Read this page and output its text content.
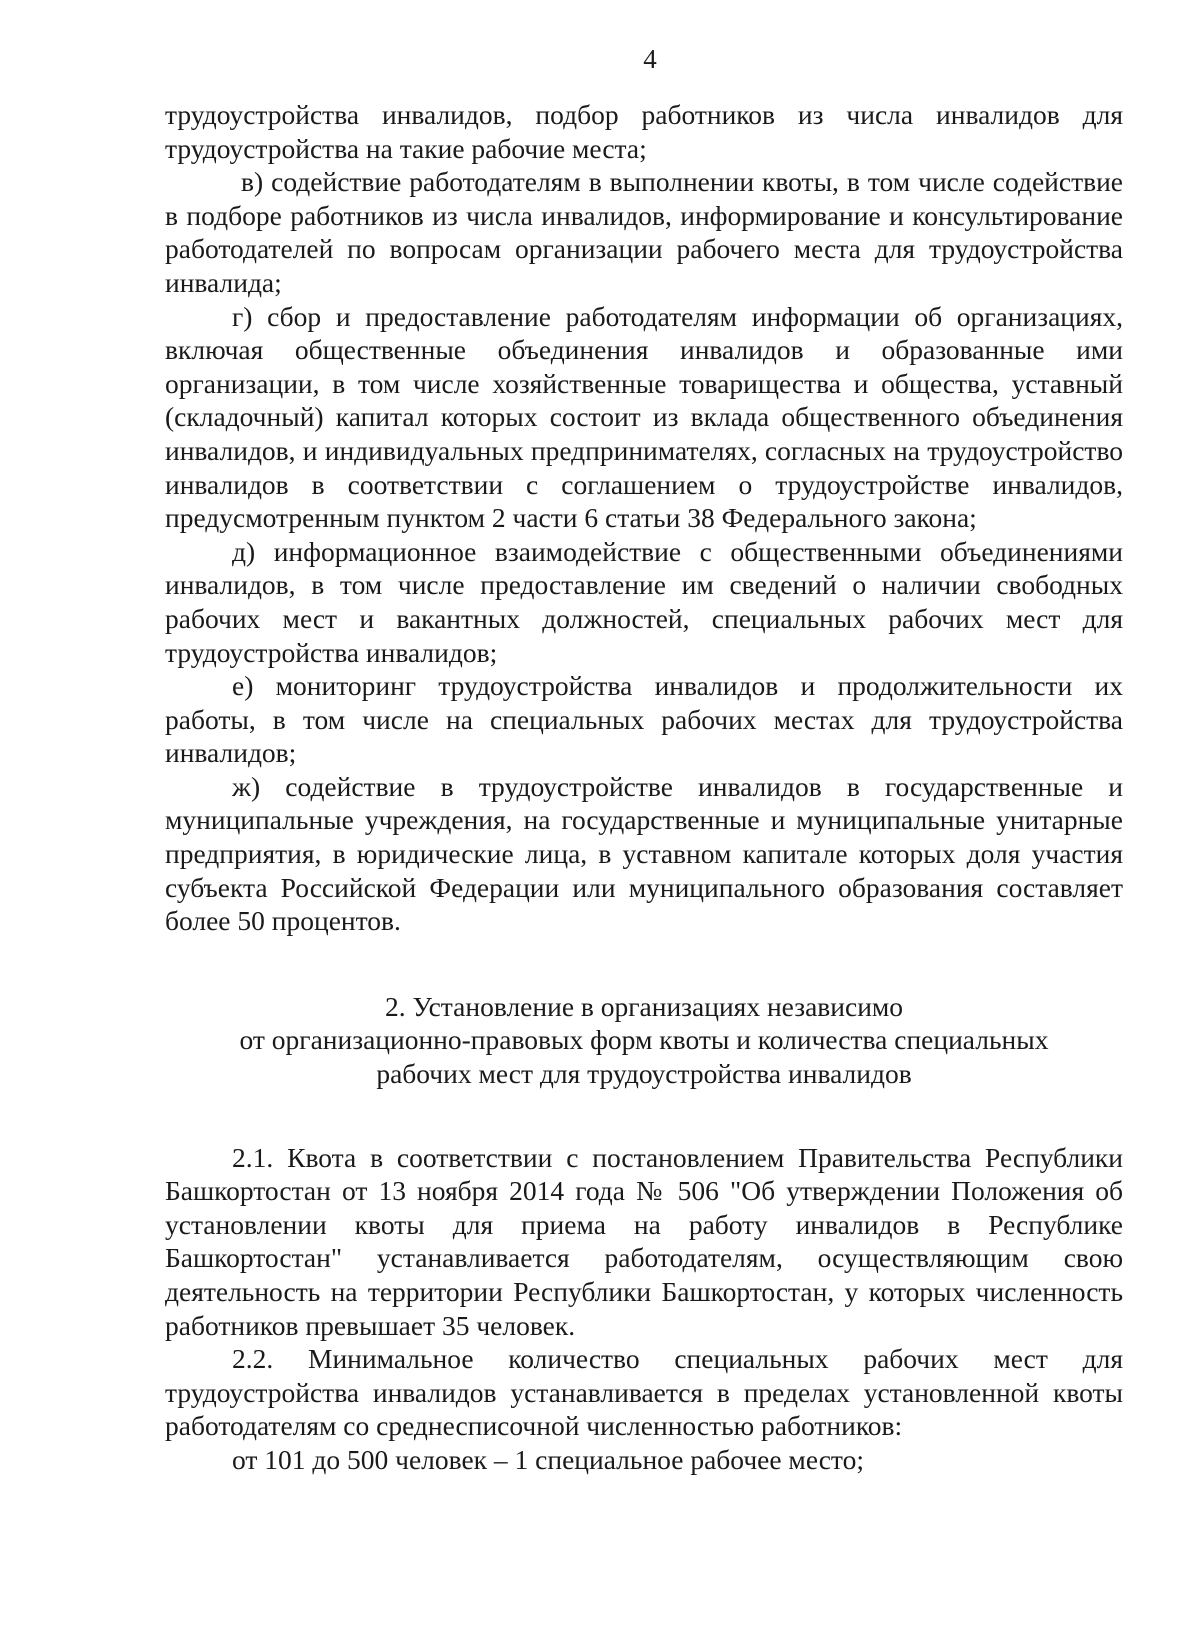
4

трудоустройства инвалидов, подбор работников из числа инвалидов для трудоустройства на такие рабочие места;

в) содействие работодателям в выполнении квоты, в том числе содействие в подборе работников из числа инвалидов, информирование и консультирование работодателей по вопросам организации рабочего места для трудоустройства инвалида;

г) сбор и предоставление работодателям информации об организациях, включая общественные объединения инвалидов и образованные ими организации, в том числе хозяйственные товарищества и общества, уставный (складочный) капитал которых состоит из вклада общественного объединения инвалидов, и индивидуальных предпринимателях, согласных на трудоустройство инвалидов в соответствии с соглашением о трудоустройстве инвалидов, предусмотренным пунктом 2 части 6 статьи 38 Федерального закона;

д) информационное взаимодействие с общественными объединениями инвалидов, в том числе предоставление им сведений о наличии свободных рабочих мест и вакантных должностей, специальных рабочих мест для трудоустройства инвалидов;

е) мониторинг трудоустройства инвалидов и продолжительности их работы, в том числе на специальных рабочих местах для трудоустройства инвалидов;

ж) содействие в трудоустройстве инвалидов в государственные и муниципальные учреждения, на государственные и муниципальные унитарные предприятия, в юридические лица, в уставном капитале которых доля участия субъекта Российской Федерации или муниципального образования составляет более 50 процентов.

2. Установление в организациях независимо
от организационно-правовых форм квоты и количества специальных
рабочих мест для трудоустройства инвалидов

2.1. Квота в соответствии с постановлением Правительства Республики Башкортостан от 13 ноября 2014 года № 506 "Об утверждении Положения об установлении квоты для приема на работу инвалидов в Республике Башкортостан" устанавливается работодателям, осуществляющим свою деятельность на территории Республики Башкортостан, у которых численность работников превышает 35 человек.

2.2. Минимальное количество специальных рабочих мест для трудоустройства инвалидов устанавливается в пределах установленной квоты работодателям со среднесписочной численностью работников:

от 101 до 500 человек – 1 специальное рабочее место;
